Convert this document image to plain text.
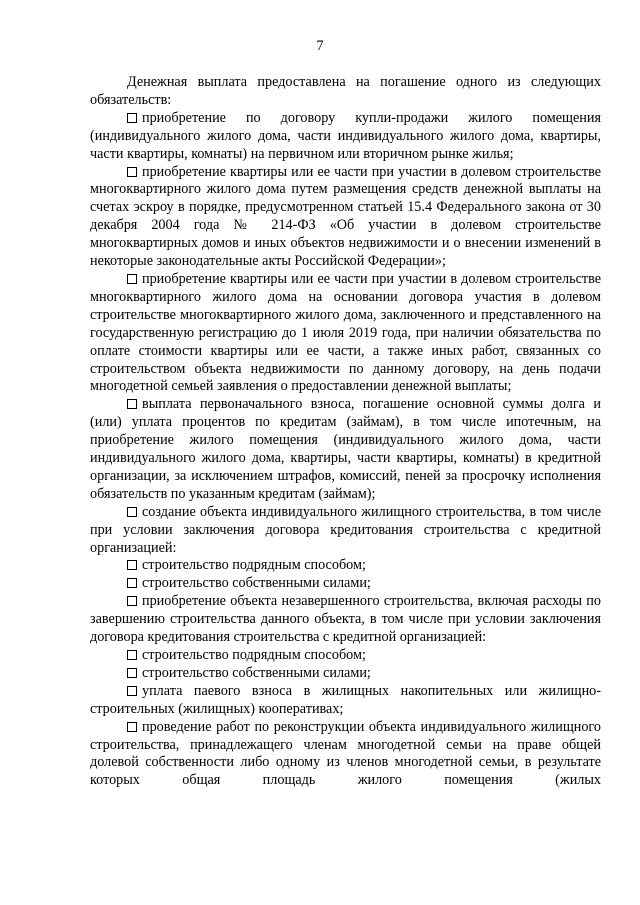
7

Денежная выплата предоставлена на погашение одного из следующих обязательств:

приобретение по договору купли-продажи жилого помещения (индивидуального жилого дома, части индивидуального жилого дома, квартиры, части квартиры, комнаты) на первичном или вторичном рынке жилья;

приобретение квартиры или ее части при участии в долевом строительстве многоквартирного жилого дома путем размещения средств денежной выплаты на счетах эскроу в порядке, предусмотренном статьей 15.4 Федерального закона от 30 декабря 2004 года № 214-ФЗ «Об участии в долевом строительстве многоквартирных домов и иных объектов недвижимости и о внесении изменений в некоторые законодательные акты Российской Федерации»;

приобретение квартиры или ее части при участии в долевом строительстве многоквартирного жилого дома на основании договора участия в долевом строительстве многоквартирного жилого дома, заключенного и представленного на государственную регистрацию до 1 июля 2019 года, при наличии обязательства по оплате стоимости квартиры или ее части, а также иных работ, связанных со строительством объекта недвижимости по данному договору, на день подачи многодетной семьей заявления о предоставлении денежной выплаты;

выплата первоначального взноса, погашение основной суммы долга и (или) уплата процентов по кредитам (займам), в том числе ипотечным, на приобретение жилого помещения (индивидуального жилого дома, части индивидуального жилого дома, квартиры, части квартиры, комнаты) в кредитной организации, за исключением штрафов, комиссий, пеней за просрочку исполнения обязательств по указанным кредитам (займам);

создание объекта индивидуального жилищного строительства, в том числе при условии заключения договора кредитования строительства с кредитной организацией:

строительство подрядным способом;

строительство собственными силами;

приобретение объекта незавершенного строительства, включая расходы по завершению строительства данного объекта, в том числе при условии заключения договора кредитования строительства с кредитной организацией:

строительство подрядным способом;

строительство собственными силами;

уплата паевого взноса в жилищных накопительных или жилищно-строительных (жилищных) кооперативах;

проведение работ по реконструкции объекта индивидуального жилищного строительства, принадлежащего членам многодетной семьи на праве общей долевой собственности либо одному из членов многодетной семьи, в результате которых общая площадь жилого помещения (жилых
